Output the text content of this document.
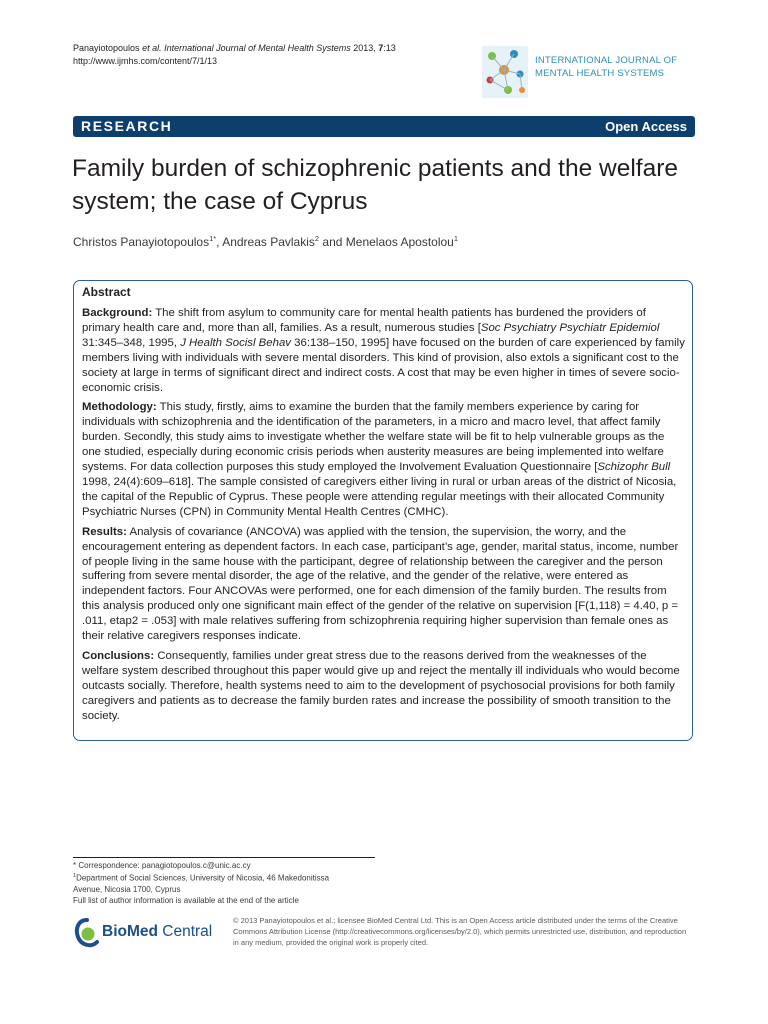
Panayiotopoulos et al. International Journal of Mental Health Systems 2013, 7:13
http://www.ijmhs.com/content/7/1/13	INTERNATIONAL JOURNAL OF
MENTAL HEALTH SYSTEMS
RESEARCH	Open Access
Family burden of schizophrenic patients and the welfare system; the case of Cyprus
Christos Panayiotopoulos$^{1*}$, Andreas Pavlakis$^2$ and Menelaos Apostolou$^1$
Abstract

Background: The shift from asylum to community care for mental health patients has burdened the providers of primary health care and, more than all, families. As a result, numerous studies [Soc Psychiatry Psychiatr Epidemiol 31:345–348, 1995, J Health Socisl Behav 36:138–150, 1995] have focused on the burden of care experienced by family members living with individuals with severe mental disorders. This kind of provision, also extols a significant cost to the society at large in terms of significant direct and indirect costs. A cost that may be even higher in times of severe socio-economic crisis.

Methodology: This study, firstly, aims to examine the burden that the family members experience by caring for individuals with schizophrenia and the identification of the parameters, in a micro and macro level, that affect family burden. Secondly, this study aims to investigate whether the welfare state will be fit to help vulnerable groups as the one studied, especially during economic crisis periods when austerity measures are being implemented into welfare systems. For data collection purposes this study employed the Involvement Evaluation Questionnaire [Schizophr Bull 1998, 24(4):609–618]. The sample consisted of caregivers either living in rural or urban areas of the district of Nicosia, the capital of the Republic of Cyprus. These people were attending regular meetings with their allocated Community Psychiatric Nurses (CPN) in Community Mental Health Centres (CMHC).

Results: Analysis of covariance (ANCOVA) was applied with the tension, the supervision, the worry, and the encouragement entering as dependent factors. In each case, participant’s age, gender, marital status, income, number of people living in the same house with the participant, degree of relationship between the caregiver and the person suffering from severe mental disorder, the age of the relative, and the gender of the relative, were entered as independent factors. Four ANCOVAs were performed, one for each dimension of the family burden. The results from this analysis produced only one significant main effect of the gender of the relative on supervision [F(1,118) = 4.40, p = .011, etap2 = .053] with male relatives suffering from schizophrenia requiring higher supervision than female ones as their relative caregivers responses indicate.

Conclusions: Consequently, families under great stress due to the reasons derived from the weaknesses of the welfare system described throughout this paper would give up and reject the mentally ill individuals who would become outcasts socially. Therefore, health systems need to aim to the development of psychosocial provisions for both family caregivers and patients as to decrease the family burden rates and increase the possibility of smooth transition to the society.

* Correspondence: panagiotopoulos.c@unic.ac.cy
$^1$Department of Social Sciences, University of Nicosia, 46 Makedonitissa
Avenue, Nicosia 1700, Cyprus
Full list of author information is available at the end of the article
BioMed Central
© 2013 Panayiotopoulos et al.; licensee BioMed Central Ltd. This is an Open Access article distributed under the terms of the Creative Commons Attribution License (http://creativecommons.org/licenses/by/2.0), which permits unrestricted use, distribution, and reproduction in any medium, provided the original work is properly cited.
